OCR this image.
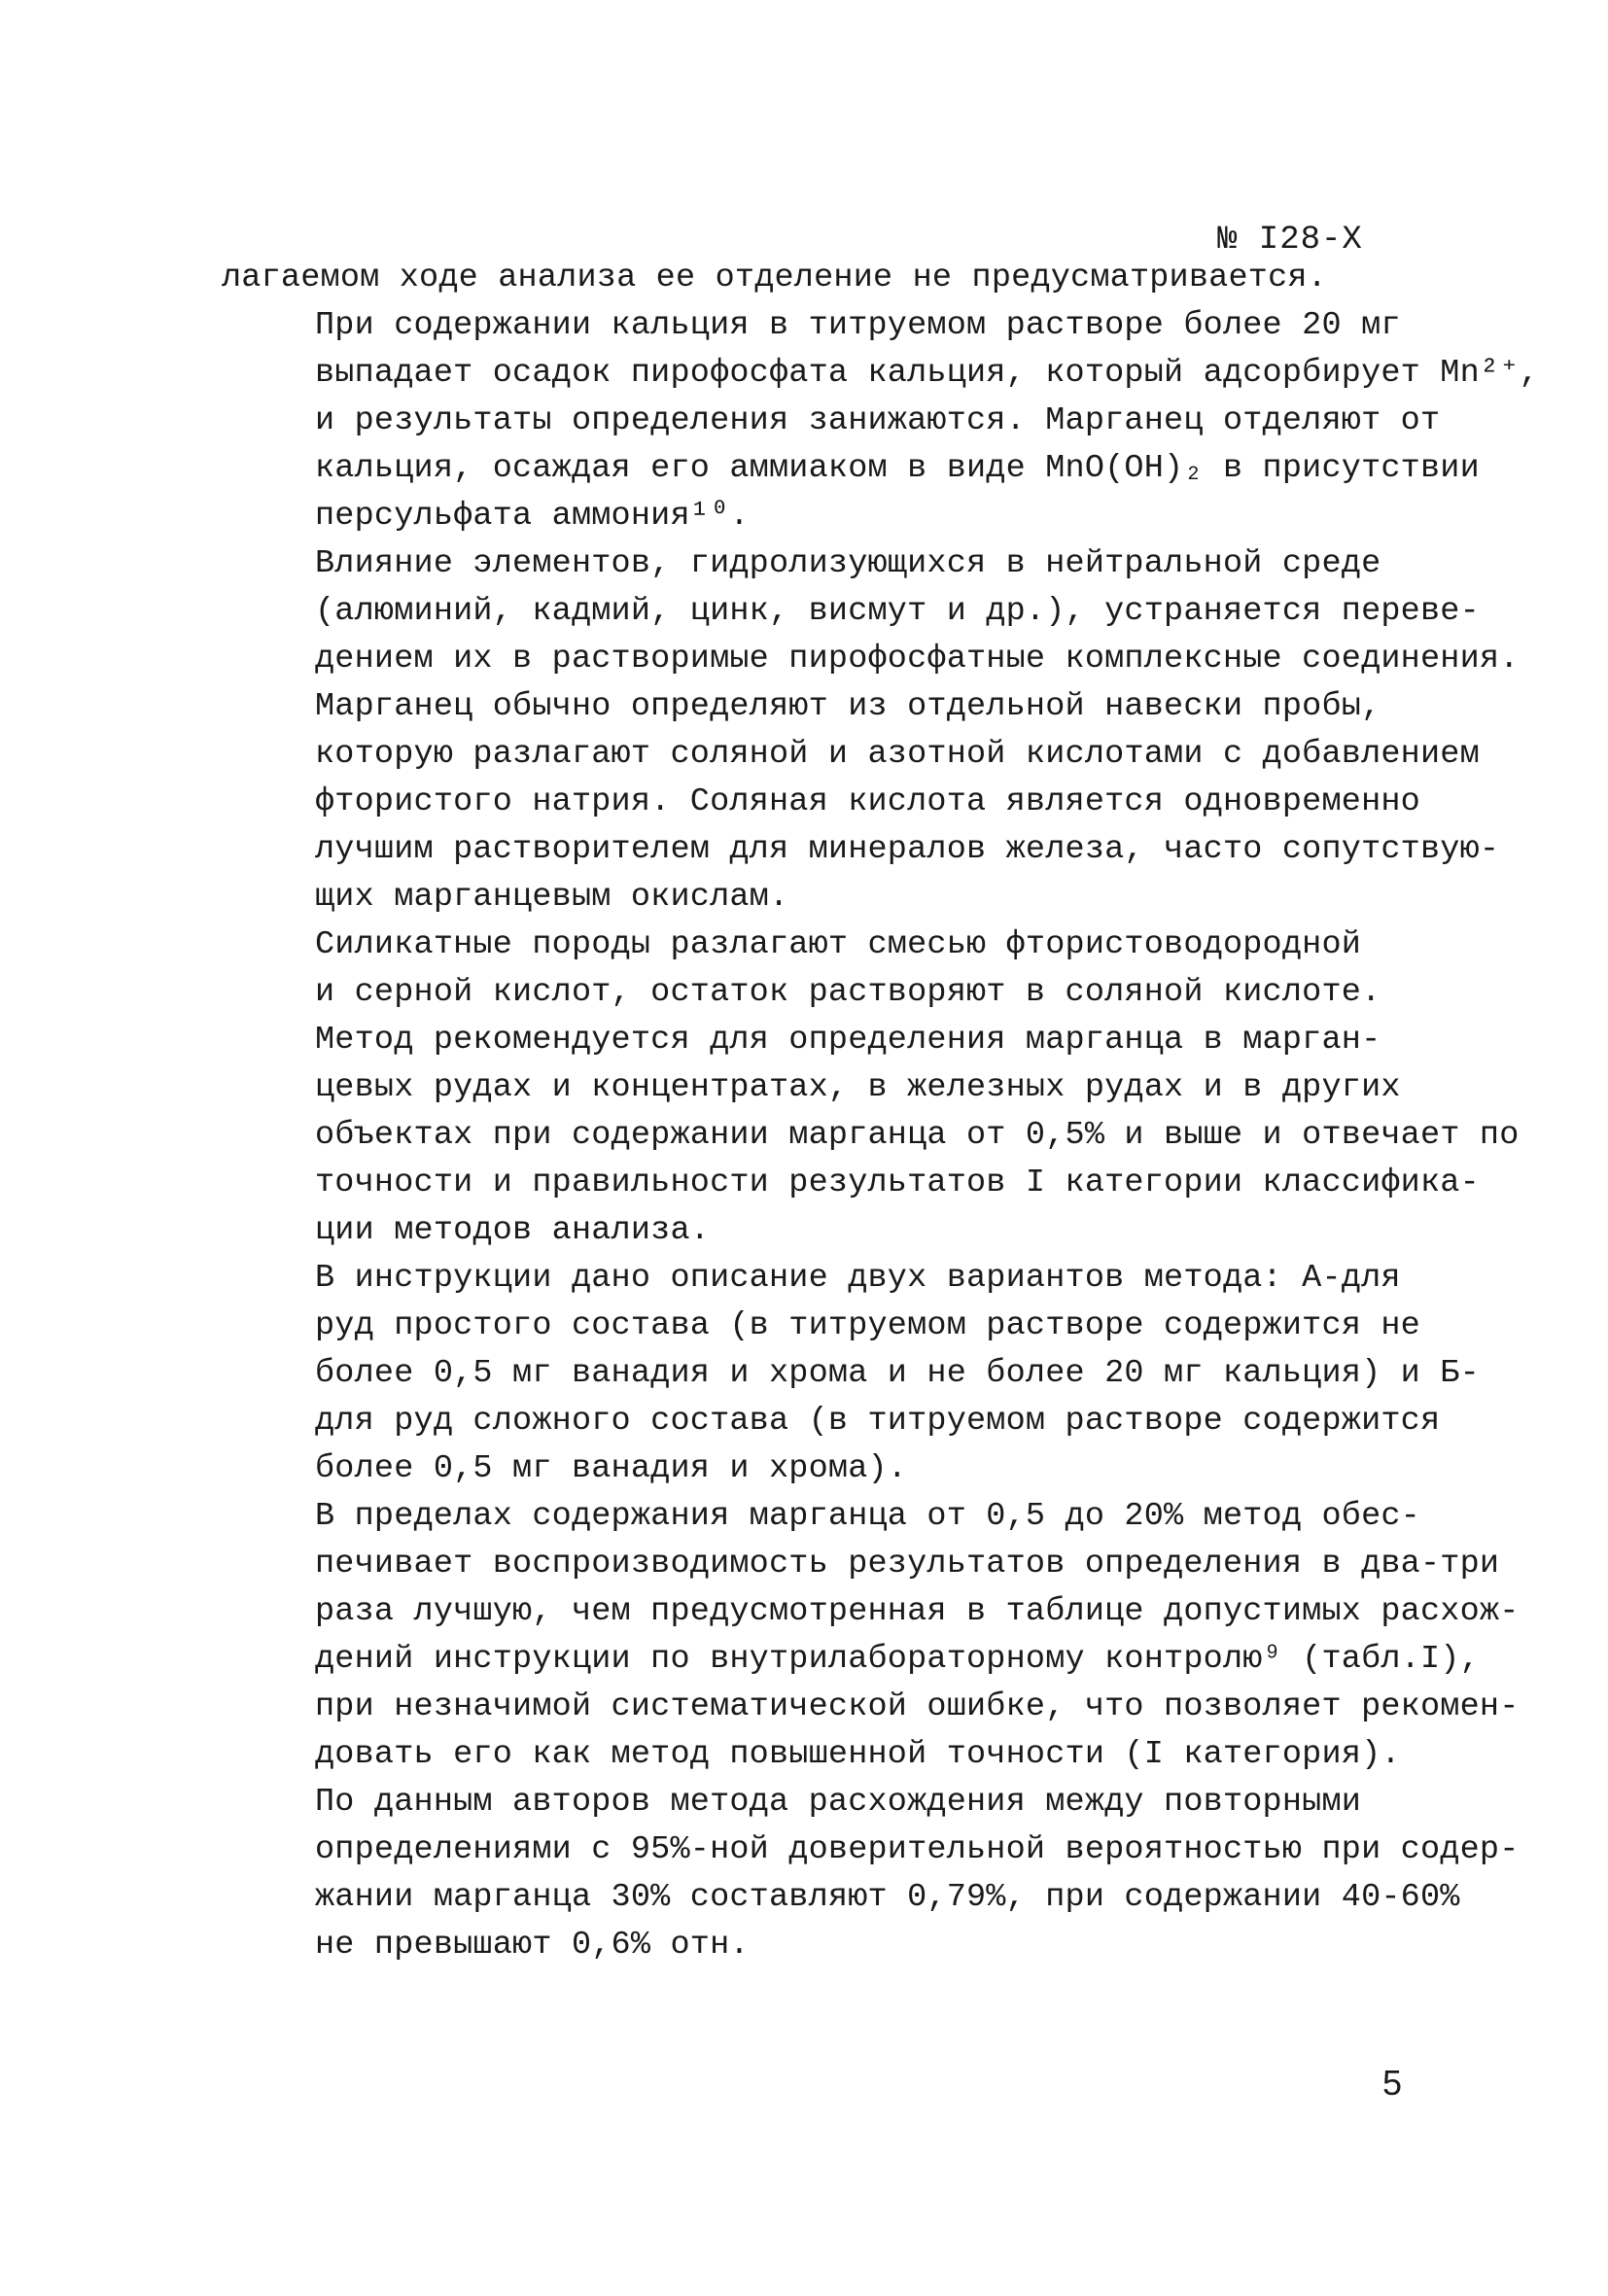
№ I28-X

лагаемом ходе анализа ее отделение не предусматривается.

При содержании кальция в титруемом растворе более 20 мг
выпадает осадок пирофосфата кальция, который адсорбирует Mn²⁺,
и результаты определения занижаются. Марганец отделяют от
кальция, осаждая его аммиаком в виде MnO(OH)₂ в присутствии
персульфата аммония¹⁰.

Влияние элементов, гидролизующихся в нейтральной среде
(алюминий, кадмий, цинк, висмут и др.), устраняется переве-
дением их в растворимые пирофосфатные комплексные соединения.

Марганец обычно определяют из отдельной навески пробы,
которую разлагают соляной и азотной кислотами с добавлением
фтористого натрия. Соляная кислота является одновременно
лучшим растворителем для минералов железа, часто сопутствую-
щих марганцевым окислам.

Силикатные породы разлагают смесью фтористоводородной
и серной кислот, остаток растворяют в соляной кислоте.

Метод рекомендуется для определения марганца в марган-
цевых рудах и концентратах, в железных рудах и в других
объектах при содержании марганца от 0,5% и выше и отвечает по
точности и правильности результатов I категории классифика-
ции методов анализа.

В инструкции дано описание двух вариантов метода: А-для
руд простого состава (в титруемом растворе содержится не
более 0,5 мг ванадия и хрома и не более 20 мг кальция) и Б-
для руд сложного состава (в титруемом растворе содержится
более 0,5 мг ванадия и хрома).

В пределах содержания марганца от 0,5 до 20% метод обес-
печивает воспроизводимость результатов определения в два-три
раза лучшую, чем предусмотренная в таблице допустимых расхож-
дений инструкции по внутрилабораторному контролю⁹ (табл.I),
при незначимой систематической ошибке, что позволяет рекомен-
довать его как метод повышенной точности (I категория).

По данным авторов метода расхождения между повторными
определениями с 95%-ной доверительной вероятностью при содер-
жании марганца 30% составляют 0,79%, при содержании 40-60%
не превышают 0,6% отн.

5
